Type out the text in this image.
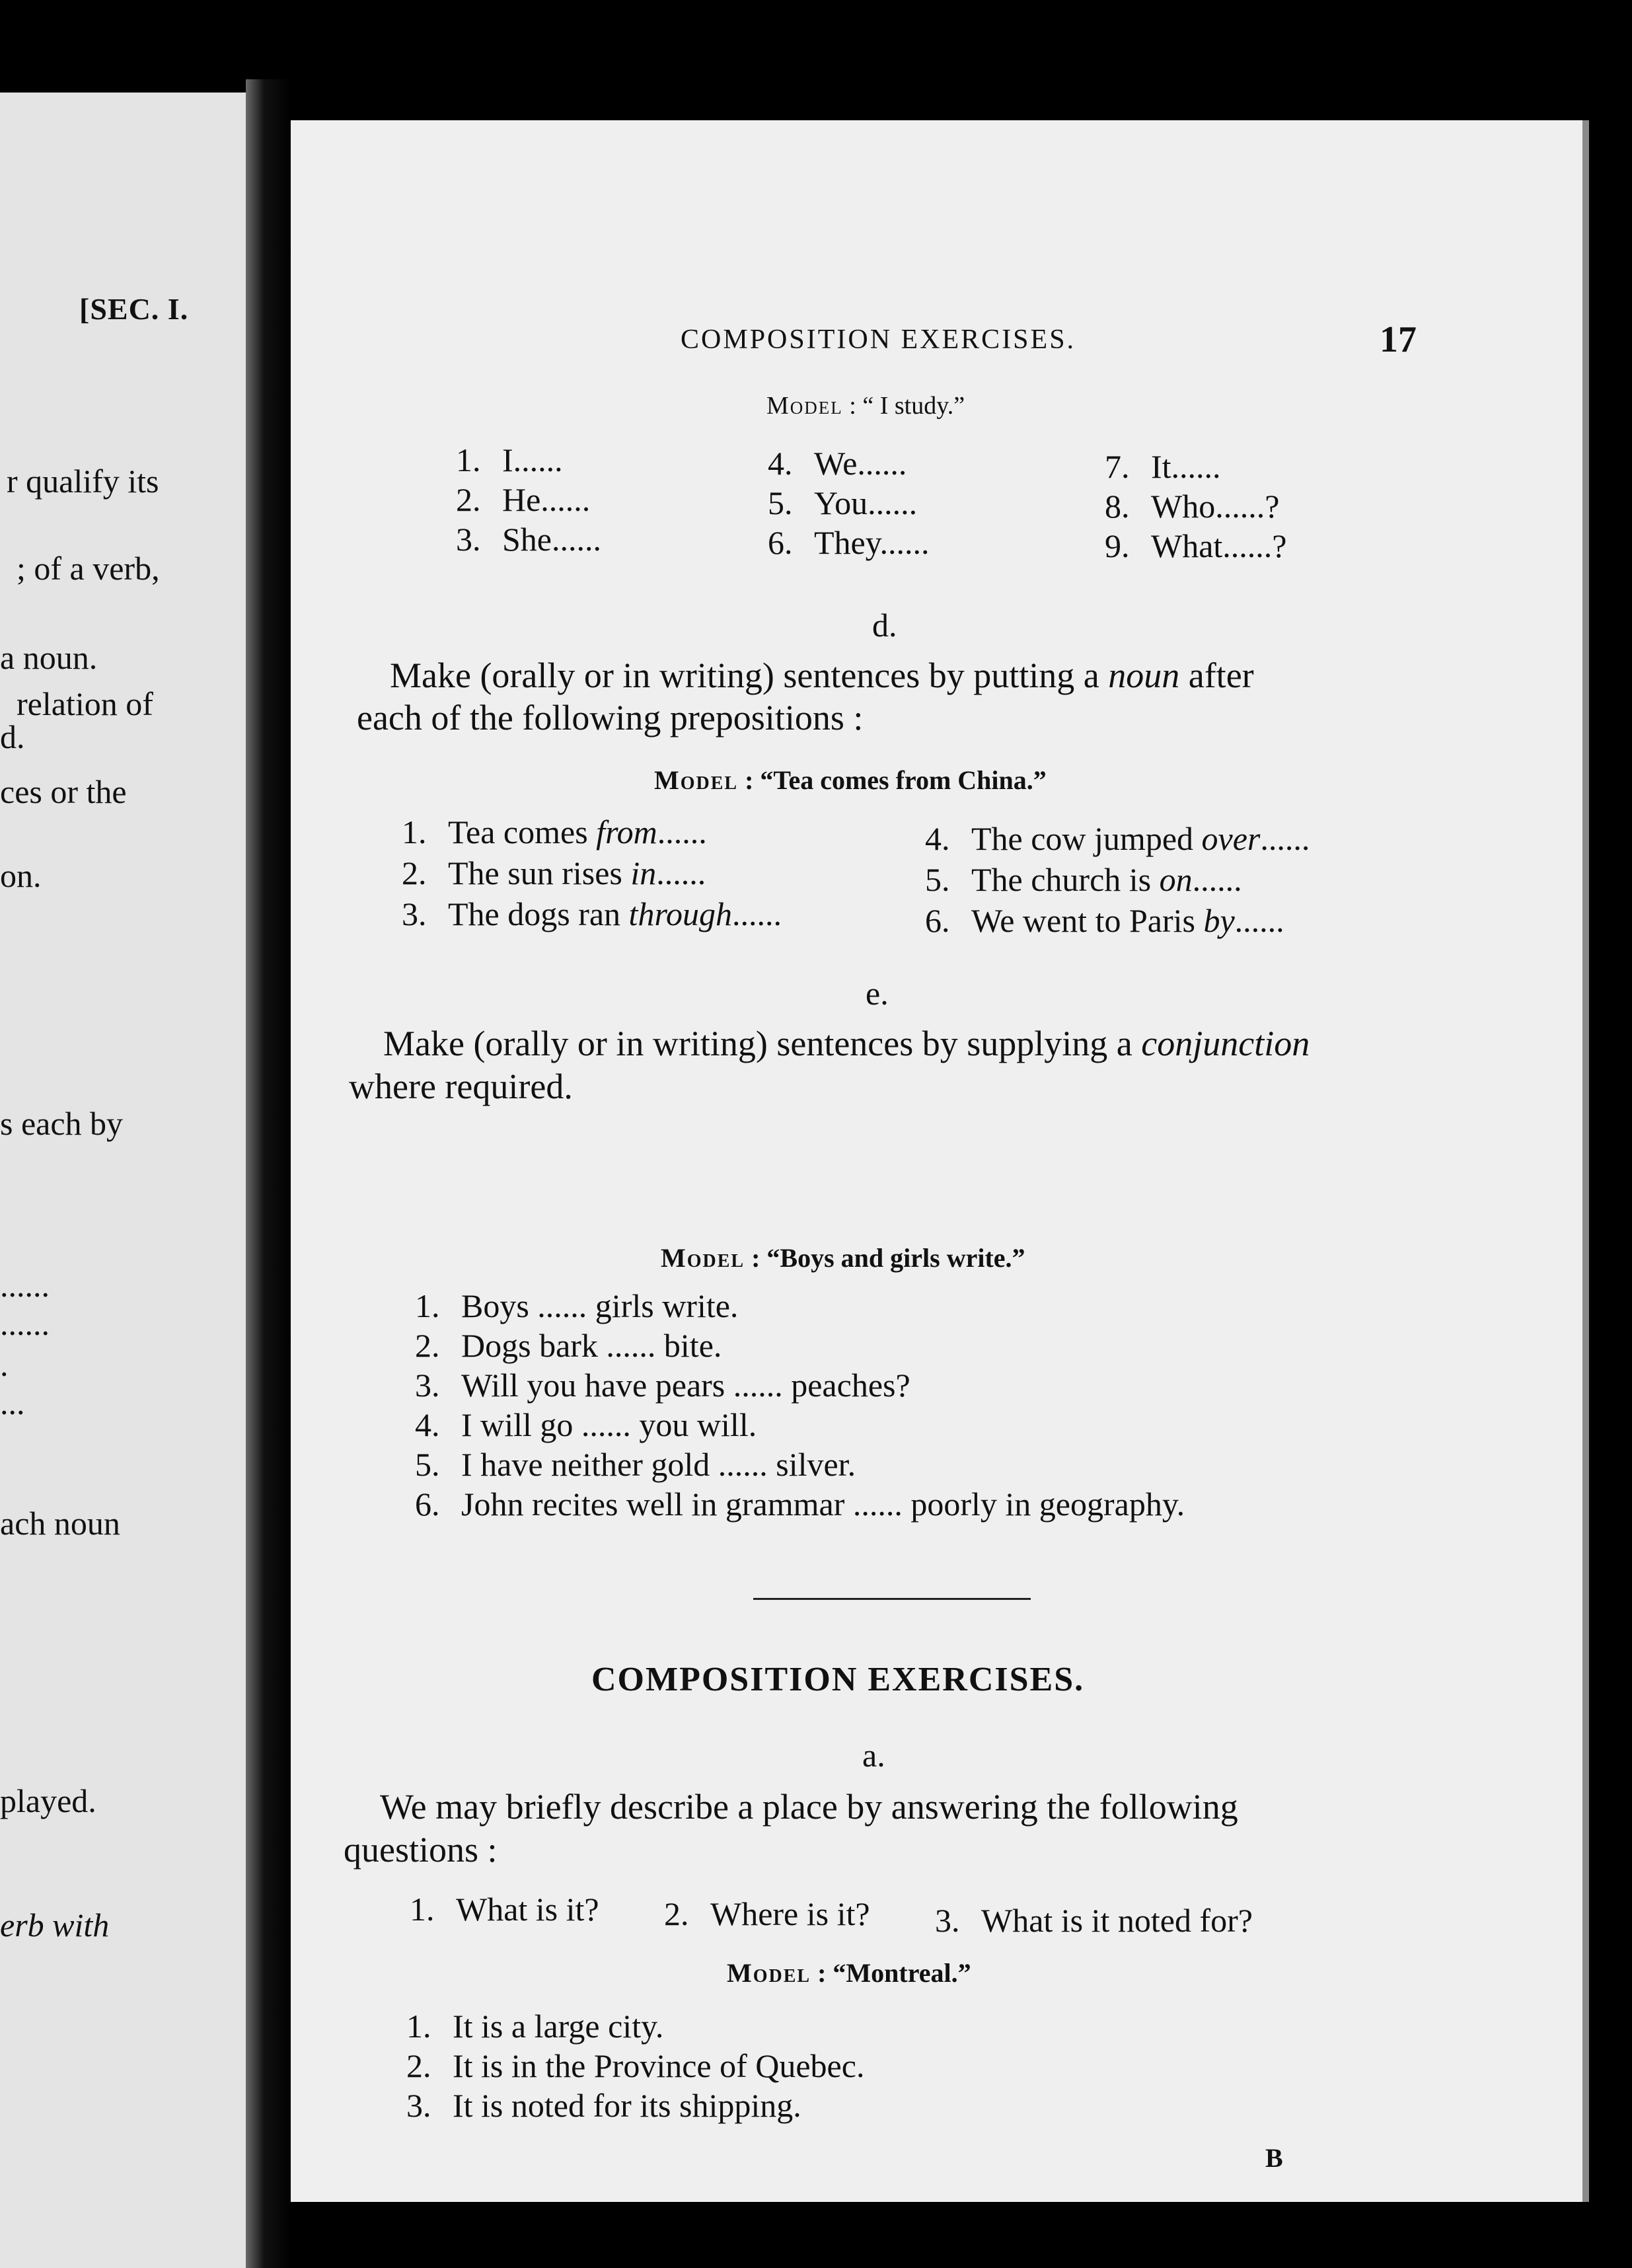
[SEC. I.
r qualify its
; of a verb,
a noun.
relation of
d.
ces or the
on.
s each by
......
......
.
...
ach noun
played.
erb with
COMPOSITION EXERCISES.	17
Model : “ I study.”
1. I......
2. He......
3. She......
4. We......
5. You......
6. They......
7. It......
8. Who......?
9. What......?
d.
Make (orally or in writing) sentences by putting a noun after
each of the following prepositions :
Model : “Tea comes from China.”
1. Tea comes from......
2. The sun rises in......
3. The dogs ran through......
4. The cow jumped over......
5. The church is on......
6. We went to Paris by......
e.
Make (orally or in writing) sentences by supplying a conjunction
where required.
Model : “Boys and girls write.”
1. Boys ...... girls write.
2. Dogs bark ...... bite.
3. Will you have pears ...... peaches?
4. I will go ...... you will.
5. I have neither gold ...... silver.
6. John recites well in grammar ...... poorly in geography.
COMPOSITION EXERCISES.
a.
We may briefly describe a place by answering the following
questions :
1. What is it? 2. Where is it? 3. What is it noted for?
Model : “Montreal.”
1. It is a large city.
2. It is in the Province of Quebec.
3. It is noted for its shipping.
B
